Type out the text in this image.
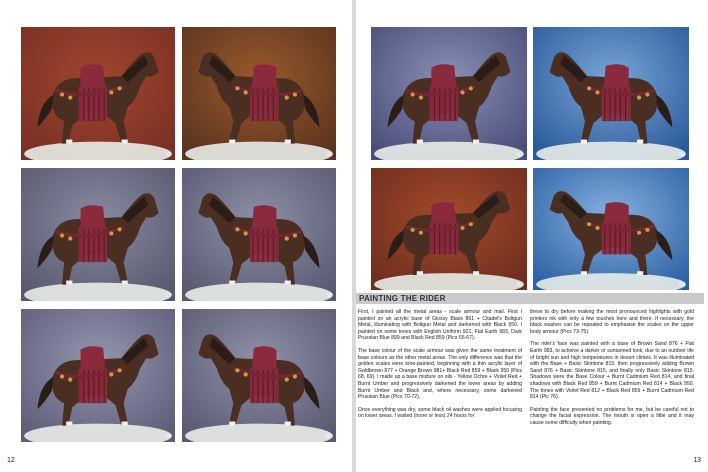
55	56
57	58
59	60
12
61	62
63	64
PAINTING THE RIDER

First, I painted all the metal areas - scale armour and mail. First I painted on an acrylic base of Glossy Black 861 + Citadel's Boltgun Metal, illuminating with Boltgun Metal and darkened with Black 950. I painted on some tones with English Uniform 921, Flat Earth 983, Dark Prussian Blue 899 and Black Red 859 (Pics 65-67).

The base colour of the scale armour was given the same treatment of base colours as the other metal areas. The only difference was that the golden scales were tone-painted, beginning with a thin acrylic layer of Goldbrown 877 + Orange Brown 981+ Black Red 859 + Black 950 (Pics 68, 69). I made up a base mixture on oils - Yellow Ochre + Violet Red + Burnt Umber and progressively darkened the lower areas by adding Burnt Umber and Black and, where necessary, some darkened Prussian Blue (Pics 70-72).

Once everything was dry, some black oil washes were applied focusing on lower areas. I waited (more or less) 24 hours for

these to dry before making the most pronounced highlights with gold printers ink with only a few touches here and there. If necessary, the black washes can be repeated to emphasise the scales on the upper body armour (Pics 73-75).

The rider's face was painted with a base of Brown Sand 876 + Flat Earth 983, to achieve a darker or suntanned look, due to an outdoor life of bright sun and high temperatures in desert climes. It was illuminated with the Base + Basic Skintone 815, then progressively adding Brown Sand 876 + Basic Skintone 815, and finally only Basic Skintone 815. Shadows were the Base Colour + Burnt Cadmium Red 814, and final shadows with Black Red 859 + Burnt Cadmium Red 814 + Black 950. The tones with Violet Red 812 + Black Red 859 + Burnt Cadmium Red 814 (Pic 76).

Painting the face presented no problems for me, but be careful not to change the facial expression. The mouth is open a little and it may cause some difficulty when painting.

13
